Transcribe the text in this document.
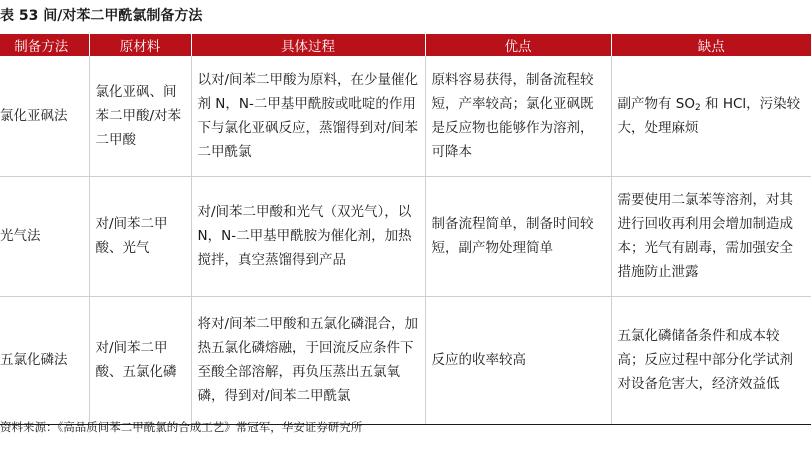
表 53 间/对苯二甲酰氯制备方法
制备方法	原材料	具体过程	优点	缺点
氯化亚砜法	氯化亚砜、间苯二甲酸/对苯二甲酸	以对/间苯二甲酸为原料，在少量催化剂 N，N-二甲基甲酰胺或吡啶的作用下与氯化亚砜反应，蒸馏得到对/间苯二甲酰氯	原料容易获得，制备流程较短，产率较高；氯化亚砜既是反应物也能够作为溶剂，可降本	副产物有 $SO_2$ 和 HCl，污染较大，处理麻烦
光气法	对/间苯二甲酸、光气	对/间苯二甲酸和光气（双光气），以 N，N-二甲基甲酰胺为催化剂，加热搅拌，真空蒸馏得到产品	制备流程简单，制备时间较短，副产物处理简单	需要使用二氯苯等溶剂，对其进行回收再利用会增加制造成本；光气有剧毒，需加强安全措施防止泄露
五氯化磷法	对/间苯二甲酸、五氯化磷	将对/间苯二甲酸和五氯化磷混合，加热五氯化磷熔融，于回流反应条件下至酸全部溶解，再负压蒸出五氯氧磷，得到对/间苯二甲酰氯	反应的收率较高	五氯化磷储备条件和成本较高；反应过程中部分化学试剂对设备危害大，经济效益低
资料来源：《高品质间苯二甲酰氯的合成工艺》常冠军，华安证券研究所
